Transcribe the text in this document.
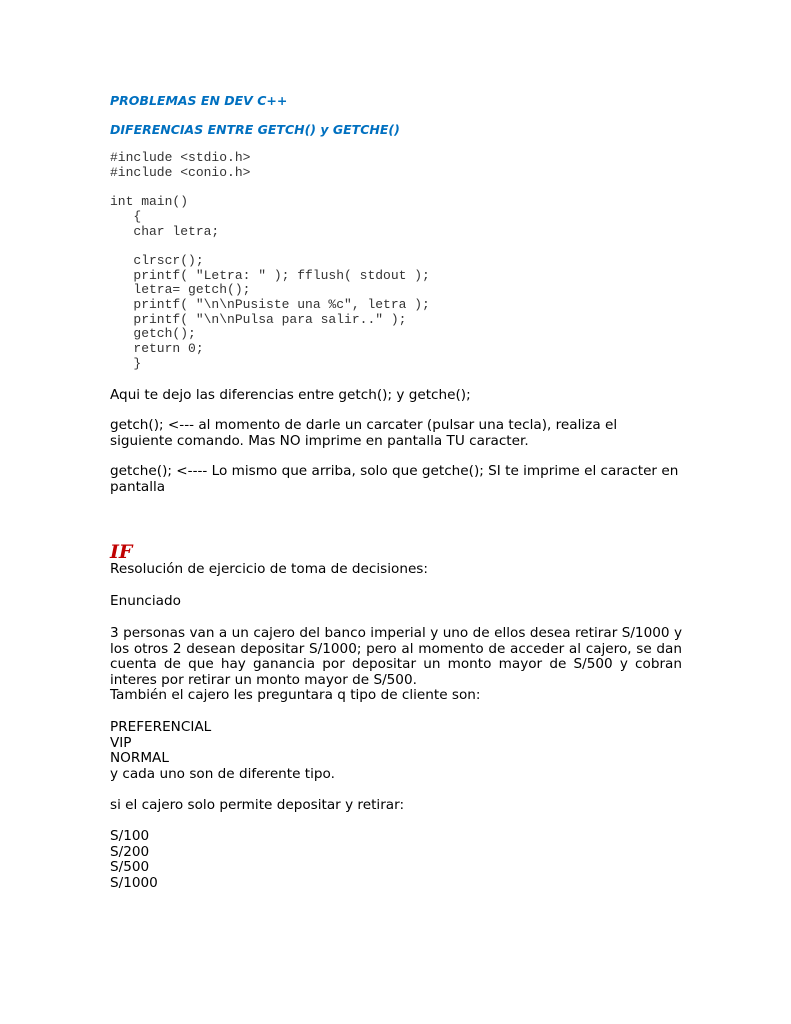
PROBLEMAS EN DEV C++
DIFERENCIAS ENTRE GETCH() y GETCHE()
#include <stdio.h>
#include <conio.h>

int main()
{
char letra;

clrscr();
printf( "Letra: " ); fflush( stdout );
letra= getch();
printf( "\n\nPusiste una %c", letra );
printf( "\n\nPulsa para salir.." );
getch();
return 0;
}
Aqui te dejo las diferencias entre getch(); y getche();
getch(); <--- al momento de darle un carcater (pulsar una tecla), realiza el siguiente comando. Mas NO imprime en pantalla TU caracter.
getche(); <---- Lo mismo que arriba, solo que getche(); SI te imprime el caracter en pantalla
IF
Resolución de ejercicio de toma de decisiones:
Enunciado
3 personas van a un cajero del banco imperial y uno de ellos desea retirar S/1000 y los otros 2 desean depositar S/1000; pero al momento de acceder al cajero, se dan cuenta de que hay ganancia por depositar un monto mayor de S/500 y cobran interes por retirar un monto mayor de S/500.
También el cajero les preguntara q tipo de cliente son:
PREFERENCIAL
VIP
NORMAL
y cada uno son de diferente tipo.
si el cajero solo permite depositar y retirar:
S/100
S/200
S/500
S/1000
